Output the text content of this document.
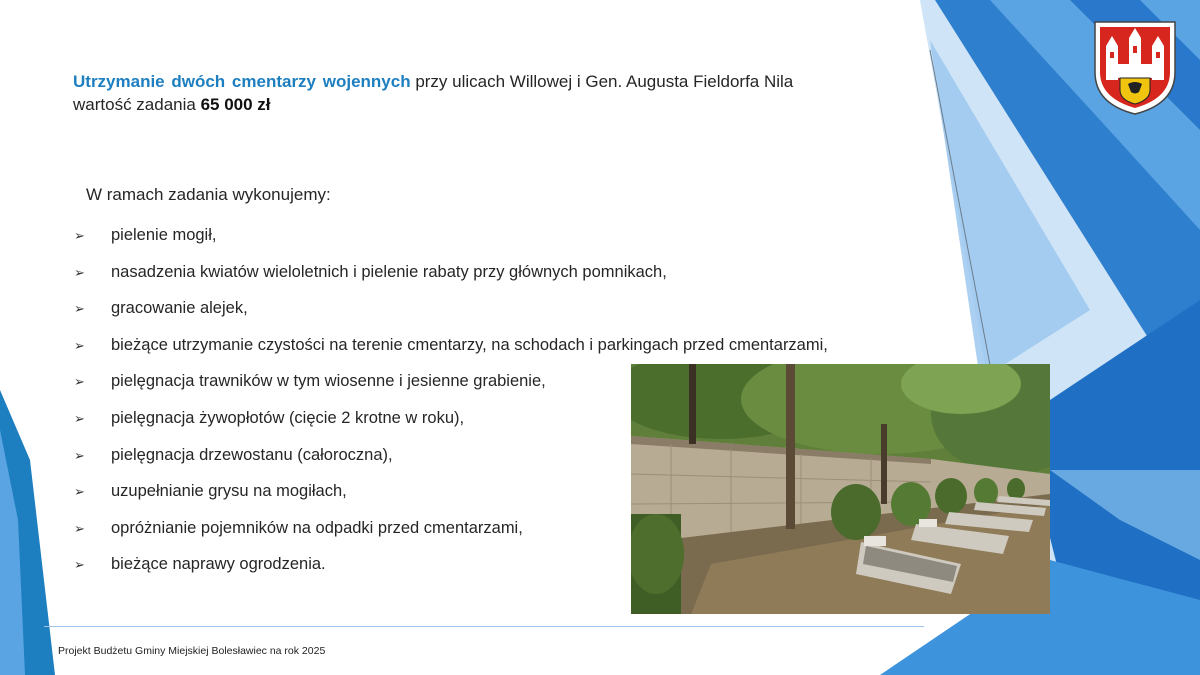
Utrzymanie dwóch cmentarzy wojennych przy ulicach Willowej i Gen. Augusta Fieldorfa Nila
wartość zadania 65 000 zł
W ramach zadania wykonujemy:
➢	pielenie mogił,
➢	nasadzenia kwiatów wieloletnich i pielenie rabaty przy głównych pomnikach,
➢	gracowanie alejek,
➢	bieżące utrzymanie czystości na terenie cmentarzy, na schodach i parkingach przed cmentarzami,
➢	pielęgnacja trawników w tym wiosenne i jesienne grabienie,
➢	pielęgnacja żywopłotów (cięcie 2 krotne w roku),
➢	pielęgnacja drzewostanu (całoroczna),
➢	uzupełnianie grysu na mogiłach,
➢	opróżnianie pojemników na odpadki przed cmentarzami,
➢	bieżące naprawy ogrodzenia.
Projekt Budżetu Gminy Miejskiej Bolesławiec na rok 2025
